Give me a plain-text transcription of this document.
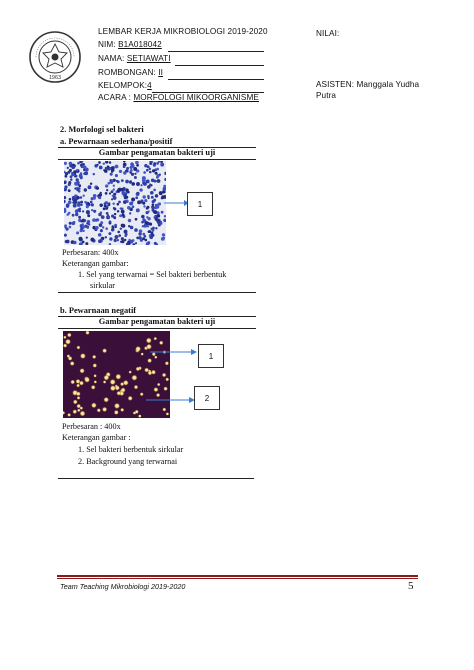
1963
LEMBAR KERJA MIKROBIOLOGI 2019-2020
NIM: B1A018042
NAMA: SETIAWATI
ROMBONGAN: II
KELOMPOK:4
ACARA : MORFOLOGI MIKOORGANISME
NILAI:
ASISTEN: Manggala Yudha
Putra
2. Morfologi sel bakteri
a. Pewarnaan sederhana/positif
Gambar pengamatan bakteri uji
1
Perbesaran: 400x
Keterangan gambar:
1. Sel yang terwarnai = Sel bakteri berbentuk
sirkular
b. Pewarnaan negatif
Gambar pengamatan bakteri uji
1
2
Perbesaran : 400x
Keterangan gambar :
1. Sel bakteri berbentuk sirkular
2. Background yang terwarnai
Team Teaching Mikrobiologi 2019-2020	5
